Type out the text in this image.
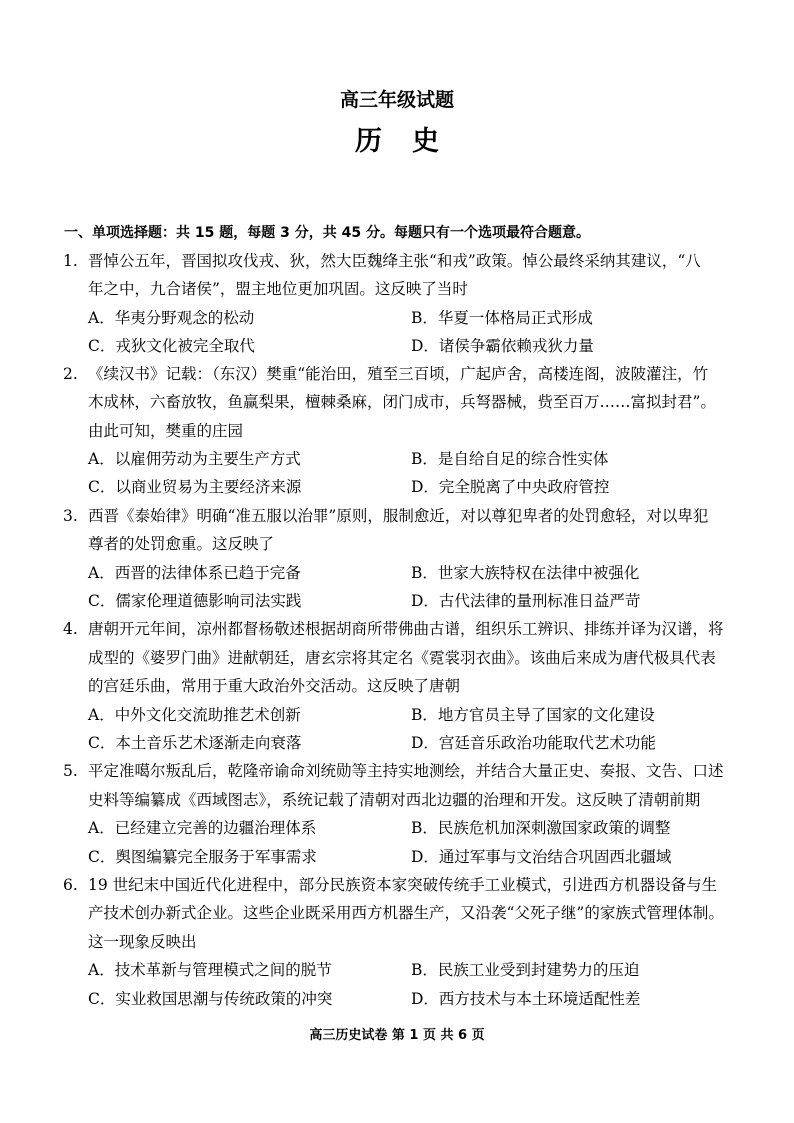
高三年级试题
历史
一、单项选择题：共 15 题，每题 3 分，共 45 分。每题只有一个选项最符合题意。
1. 晋悼公五年，晋国拟攻伐戎、狄，然大臣魏绛主张“和戎”政策。悼公最终采纳其建议，“八
年之中，九合诸侯”，盟主地位更加巩固。这反映了当时
A．华夷分野观念的松动	B．华夏一体格局正式形成
C．戎狄文化被完全取代	D．诸侯争霸依赖戎狄力量
2. 《续汉书》记载：（东汉）樊重“能治田，殖至三百顷，广起庐舍，高楼连阁，波陂灌注，竹
木成林，六畜放牧，鱼赢梨果，檀棘桑麻，闭门成市，兵弩器械，赀至百万……富拟封君”。
由此可知，樊重的庄园
A．以雇佣劳动为主要生产方式	B．是自给自足的综合性实体
C．以商业贸易为主要经济来源	D．完全脱离了中央政府管控
3. 西晋《泰始律》明确“准五服以治罪”原则，服制愈近，对以尊犯卑者的处罚愈轻，对以卑犯
尊者的处罚愈重。这反映了
A．西晋的法律体系已趋于完备	B．世家大族特权在法律中被强化
C．儒家伦理道德影响司法实践	D．古代法律的量刑标准日益严苛
4. 唐朝开元年间，凉州都督杨敬述根据胡商所带佛曲古谱，组织乐工辨识、排练并译为汉谱，将
成型的《婆罗门曲》进献朝廷，唐玄宗将其定名《霓裳羽衣曲》。该曲后来成为唐代极具代表
的宫廷乐曲，常用于重大政治外交活动。这反映了唐朝
A．中外文化交流助推艺术创新	B．地方官员主导了国家的文化建设
C．本土音乐艺术逐渐走向衰落	D．宫廷音乐政治功能取代艺术功能
5. 平定准噶尔叛乱后，乾隆帝谕命刘统勋等主持实地测绘，并结合大量正史、奏报、文告、口述
史料等编纂成《西域图志》，系统记载了清朝对西北边疆的治理和开发。这反映了清朝前期
A．已经建立完善的边疆治理体系	B．民族危机加深刺激国家政策的调整
C．舆图编纂完全服务于军事需求	D．通过军事与文治结合巩固西北疆域
6. 19 世纪末中国近代化进程中，部分民族资本家突破传统手工业模式，引进西方机器设备与生
产技术创办新式企业。这些企业既采用西方机器生产，又沿袭“父死子继”的家族式管理体制。
这一现象反映出
A．技术革新与管理模式之间的脱节	B．民族工业受到封建势力的压迫
C．实业救国思潮与传统政策的冲突	D．西方技术与本土环境适配性差
高三历史试卷 第 1 页 共 6 页
